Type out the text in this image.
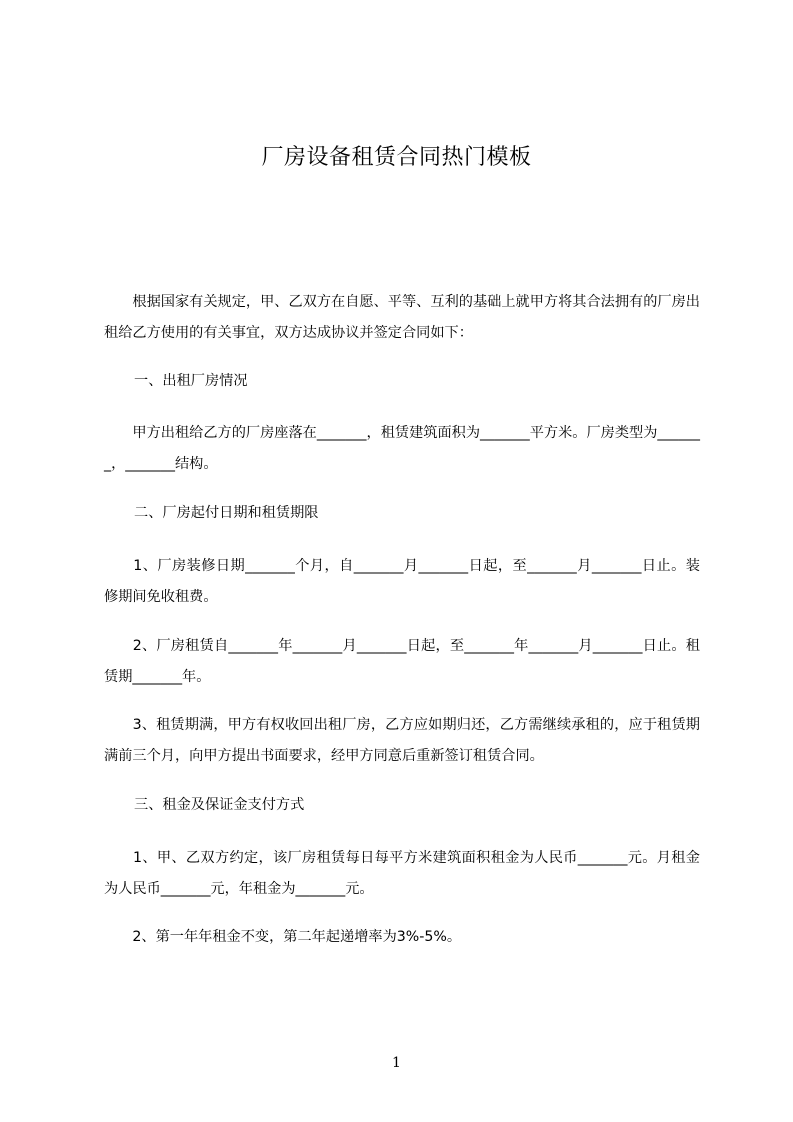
厂房设备租赁合同热门模板

　　根据国家有关规定，甲、乙双方在自愿、平等、互利的基础上就甲方将其合法拥有的厂房出租给乙方使用的有关事宜，双方达成协议并签定合同如下：

一、出租厂房情况

　　甲方出租给乙方的厂房座落在_______，租赁建筑面积为_______平方米。厂房类型为_______，_______结构。

二、厂房起付日期和租赁期限

　　1、厂房装修日期_______个月，自_______月_______日起，至_______月_______日止。装修期间免收租费。

　　2、厂房租赁自_______年_______月_______日起，至_______年_______月_______日止。租赁期_______年。

　　3、租赁期满，甲方有权收回出租厂房，乙方应如期归还，乙方需继续承租的，应于租赁期满前三个月，向甲方提出书面要求，经甲方同意后重新签订租赁合同。

三、租金及保证金支付方式

　　1、甲、乙双方约定，该厂房租赁每日每平方米建筑面积租金为人民币_______元。月租金为人民币_______元，年租金为_______元。

　　2、第一年年租金不变，第二年起递增率为3%-5%。

1
